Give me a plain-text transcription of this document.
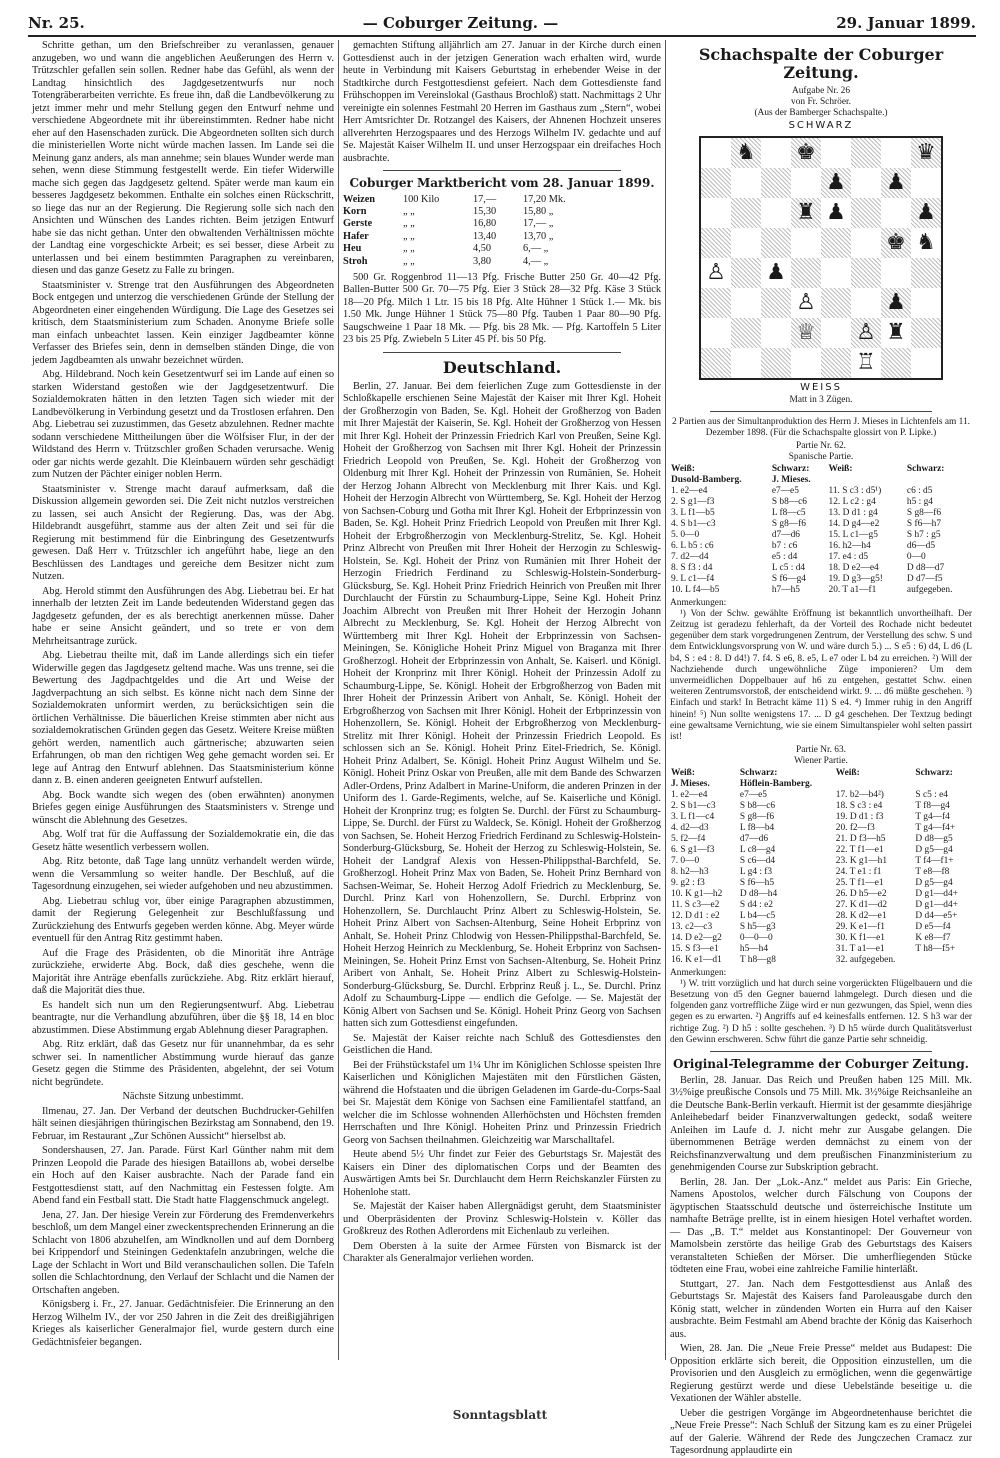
Nr. 25.	— Coburger Zeitung. —	29. Januar 1899.

Schritte gethan, um den Briefschreiber zu veranlassen, genauer anzugeben, wo und wann die angeblichen Aeußerungen des Herrn v. Trützschler gefallen sein sollen. Redner habe das Gefühl, als wenn der Landtag hinsichtlich des Jagdgesetzentwurfs nur noch Totengräberarbeiten verrichte. Es freue ihn, daß die Landbevölkerung zu jetzt immer mehr und mehr Stellung gegen den Entwurf nehme und verschiedene Abgeordnete mit ihr übereinstimmten. Redner habe nicht eher auf den Hasenschaden zurück. Die Abgeordneten sollten sich durch die ministeriellen Worte nicht würde machen lassen. Im Lande sei die Meinung ganz anders, als man annehme; sein blaues Wunder werde man sehen, wenn diese Stimmung festgestellt werde. Ein tiefer Widerwille mache sich gegen das Jagdgesetz geltend. Später werde man kaum ein besseres Jagdgesetz bekommen. Enthalte ein solches einen Rückschritt, so liege das nur an der Regierung. Die Regierung solle sich nach den Ansichten und Wünschen des Landes richten. Beim jetzigen Entwurf habe sie das nicht gethan. Unter den obwaltenden Verhältnissen möchte der Landtag eine vorgeschickte Arbeit; es sei besser, diese Arbeit zu unterlassen und bei einem bestimmten Paragraphen zu vereinbaren, diesen und das ganze Gesetz zu Falle zu bringen.

Staatsminister v. Strenge trat den Ausführungen des Abgeordneten Bock entgegen und unterzog die verschiedenen Gründe der Stellung der Abgeordneten einer eingehenden Würdigung. Die Lage des Gesetzes sei kritisch, dem Staatsministerium zum Schaden. Anonyme Briefe solle man einfach unbeachtet lassen. Kein einziger Jagdbeamter könne Verfasser des Briefes sein, denn in demselben ständen Dinge, die von jedem Jagdbeamten als unwahr bezeichnet würden.

Abg. Hildebrand. Noch kein Gesetzentwurf sei im Lande auf einen so starken Widerstand gestoßen wie der Jagdgesetzentwurf. Die Sozialdemokraten hätten in den letzten Tagen sich wieder mit der Landbevölkerung in Verbindung gesetzt und da Trostlosen erfahren. Den Abg. Liebetrau sei zuzustimmen, das Gesetz abzulehnen. Redner machte sodann verschiedene Mittheilungen über die Wölfsiser Flur, in der der Wildstand des Herrn v. Trützschler großen Schaden verursache. Wenig oder gar nichts werde gezahlt. Die Kleinbauern würden sehr geschädigt zum Nutzen der Pächter einiger noblen Herrn.

Staatsminister v. Strenge macht darauf aufmerksam, daß die Diskussion allgemein geworden sei. Die Zeit nicht nutzlos verstreichen zu lassen, sei auch Ansicht der Regierung. Das, was der Abg. Hildebrandt ausgeführt, stamme aus der alten Zeit und sei für die Regierung mit bestimmend für die Einbringung des Gesetzentwurfs gewesen. Daß Herr v. Trützschler ich angeführt habe, liege an den Beschlüssen des Landtages und gereiche dem Besitzer nicht zum Nutzen.

Abg. Herold stimmt den Ausführungen des Abg. Liebetrau bei. Er hat innerhalb der letzten Zeit im Lande bedeutenden Widerstand gegen das Jagdgesetz gefunden, der es als berechtigt anerkennen müsse. Daher habe er seine Ansicht geändert, und so trete er von dem Mehrheitsantrage zurück.

Abg. Liebetrau theilte mit, daß im Lande allerdings sich ein tiefer Widerwille gegen das Jagdgesetz geltend mache. Was uns trenne, sei die Bewertung des Jagdpachtgeldes und die Art und Weise der Jagdverpachtung an sich selbst. Es könne nicht nach dem Sinne der Sozialdemokraten unformirt werden, zu berücksichtigen sein die örtlichen Verhältnisse. Die bäuerlichen Kreise stimmten aber nicht aus sozialdemokratischen Gründen gegen das Gesetz. Weitere Kreise müßten gehört werden, namentlich auch gärtnerische; abzuwarten seien Erfahrungen, ob man den richtigen Weg gehe gemacht worden sei. Er lege auf Antrag den Entwurf ablehnen. Das Staatsministerium könne dann z. B. einen anderen geeigneten Entwurf aufstellen.

Abg. Bock wandte sich wegen des (oben erwähnten) anonymen Briefes gegen einige Ausführungen des Staatsministers v. Strenge und wünscht die Ablehnung des Gesetzes.

Abg. Wolf trat für die Auffassung der Sozialdemokratie ein, die das Gesetz hätte wesentlich verbessern wollen.

Abg. Ritz betonte, daß Tage lang unnütz verhandelt werden würde, wenn die Versammlung so weiter handle. Der Beschluß, auf die Tagesordnung einzugehen, sei wieder aufgehoben und neu abzustimmen.

Abg. Liebetrau schlug vor, über einige Paragraphen abzustimmen, damit der Regierung Gelegenheit zur Beschlußfassung und Zurückziehung des Entwurfs gegeben werden könne. Abg. Meyer würde eventuell für den Antrag Ritz gestimmt haben.

Auf die Frage des Präsidenten, ob die Minorität ihre Anträge zurückziehe, erwiderte Abg. Bock, daß dies geschehe, wenn die Majorität ihre Anträge ebenfalls zurückziehe. Abg. Ritz erklärt hierauf, daß die Majorität dies thue.

Es handelt sich nun um den Regierungsentwurf. Abg. Liebetrau beantragte, nur die Verhandlung abzuführen, über die §§ 18, 14 en bloc abzustimmen. Diese Abstimmung ergab Ablehnung dieser Paragraphen.

Abg. Ritz erklärt, daß das Gesetz nur für unannehmbar, da es sehr schwer sei. In namentlicher Abstimmung wurde hierauf das ganze Gesetz gegen die Stimme des Präsidenten, abgelehnt, der sei Votum nicht begründete.

Nächste Sitzung unbestimmt.

Ilmenau, 27. Jan. Der Verband der deutschen Buchdrucker-Gehilfen hält seinen diesjährigen thüringischen Bezirkstag am Sonnabend, den 19. Februar, im Restaurant „Zur Schönen Aussicht“ hierselbst ab.

Sondershausen, 27. Jan. Parade. Fürst Karl Günther nahm mit dem Prinzen Leopold die Parade des hiesigen Bataillons ab, wobei derselbe ein Hoch auf den Kaiser ausbrachte. Nach der Parade fand ein Festgottesdienst statt, auf den Nachmittag ein Festessen folgte. Am Abend fand ein Festball statt. Die Stadt hatte Flaggenschmuck angelegt.

Jena, 27. Jan. Der hiesige Verein zur Förderung des Fremdenverkehrs beschloß, um dem Mangel einer zweckentsprechenden Erinnerung an die Schlacht von 1806 abzuhelfen, am Windknollen und auf dem Dornberg bei Krippendorf und Steiningen Gedenktafeln anzubringen, welche die Lage der Schlacht in Wort und Bild veranschaulichen sollen. Die Tafeln sollen die Schlachtordnung, den Verlauf der Schlacht und die Namen der Ortschaften angeben.

Königsberg i. Fr., 27. Januar. Gedächtnisfeier. Die Erinnerung an den Herzog Wilhelm IV., der vor 250 Jahren in die Zeit des dreißigjährigen Krieges als kaiserlicher Generalmajor fiel, wurde gestern durch eine Gedächtnisfeier begangen.

gemachten Stiftung alljährlich am 27. Januar in der Kirche durch einen Gottesdienst auch in der jetzigen Generation wach erhalten wird, wurde heute in Verbindung mit Kaisers Geburtstag in erhebender Weise in der Stadtkirche durch Festgottesdienst gefeiert. Nach dem Gottesdienste fand Frühschoppen im Vereinslokal (Gasthaus Brochloß) statt. Nachmittags 2 Uhr vereinigte ein solennes Festmahl 20 Herren im Gasthaus zum „Stern“, wobei Herr Amtsrichter Dr. Rotzangel des Kaisers, der Ahnenen Hochzeit unseres allverehrten Herzogspaares und des Herzogs Wilhelm IV. gedachte und auf Se. Majestät Kaiser Wilhelm II. und unser Herzogspaar ein dreifaches Hoch ausbrachte.

Coburger Marktbericht vom 28. Januar 1899.
Weizen	100 Kilo	17,—	17,20 Mk.
Korn	„ „	15,30	15,80 „
Gerste	„ „	16,80	17,— „
Hafer	„ „	13,40	13,70 „
Heu	„ „	4,50	6,— „
Stroh	„ „	3,80	4,— „

500 Gr. Roggenbrod 11—13 Pfg. Frische Butter 250 Gr. 40—42 Pfg. Ballen-Butter 500 Gr. 70—75 Pfg. Eier 3 Stück 28—32 Pfg. Käse 3 Stück 18—20 Pfg. Milch 1 Ltr. 15 bis 18 Pfg. Alte Hühner 1 Stück 1.— Mk. bis 1.50 Mk. Junge Hühner 1 Stück 75—80 Pfg. Tauben 1 Paar 80—90 Pfg. Saugschweine 1 Paar 18 Mk. — Pfg. bis 28 Mk. — Pfg. Kartoffeln 5 Liter 23 bis 25 Pfg. Zwiebeln 5 Liter 45 Pf. bis 50 Pfg.

Deutschland.

Berlin, 27. Januar. Bei dem feierlichen Zuge zum Gottesdienste in der Schloßkapelle erschienen Seine Majestät der Kaiser mit Ihrer Kgl. Hoheit der Großherzogin von Baden, Se. Kgl. Hoheit der Großherzog von Baden mit Ihrer Majestät der Kaiserin, Se. Kgl. Hoheit der Großherzog von Hessen mit Ihrer Kgl. Hoheit der Prinzessin Friedrich Karl von Preußen, Seine Kgl. Hoheit der Großherzog von Sachsen mit Ihrer Kgl. Hoheit der Prinzessin Friedrich Leopold von Preußen, Se. Kgl. Hoheit der Großherzog von Oldenburg mit Ihrer Kgl. Hoheit der Prinzessin von Rumänien, Se. Hoheit der Herzog Johann Albrecht von Mecklenburg mit Ihrer Kais. und Kgl. Hoheit der Herzogin Albrecht von Württemberg, Se. Kgl. Hoheit der Herzog von Sachsen-Coburg und Gotha mit Ihrer Kgl. Hoheit der Erbprinzessin von Baden, Se. Kgl. Hoheit Prinz Friedrich Leopold von Preußen mit Ihrer Kgl. Hoheit der Erbgroßherzogin von Mecklenburg-Strelitz, Se. Kgl. Hoheit Prinz Albrecht von Preußen mit Ihrer Hoheit der Herzogin zu Schleswig-Holstein, Se. Kgl. Hoheit der Prinz von Rumänien mit Ihrer Hoheit der Herzogin Friedrich Ferdinand zu Schleswig-Holstein-Sonderburg-Glücksburg, Se. Kgl. Hoheit Prinz Friedrich Heinrich von Preußen mit Ihrer Durchlaucht der Fürstin zu Schaumburg-Lippe, Seine Kgl. Hoheit Prinz Joachim Albrecht von Preußen mit Ihrer Hoheit der Herzogin Johann Albrecht zu Mecklenburg, Se. Kgl. Hoheit der Herzog Albrecht von Württemberg mit Ihrer Kgl. Hoheit der Erbprinzessin von Sachsen-Meiningen, Se. Königliche Hoheit Prinz Miguel von Braganza mit Ihrer Großherzogl. Hoheit der Erbprinzessin von Anhalt, Se. Kaiserl. und Königl. Hoheit der Kronprinz mit Ihrer Königl. Hoheit der Prinzessin Adolf zu Schaumburg-Lippe, Se. Königl. Hoheit der Erbgroßherzog von Baden mit Ihrer Hoheit der Prinzessin Aribert von Anhalt, Se. Königl. Hoheit der Erbgroßherzog von Sachsen mit Ihrer Königl. Hoheit der Erbprinzessin von Hohenzollern, Se. Königl. Hoheit der Erbgroßherzog von Mecklenburg-Strelitz mit Ihrer Königl. Hoheit der Prinzessin Friedrich Leopold. Es schlossen sich an Se. Königl. Hoheit Prinz Eitel-Friedrich, Se. Königl. Hoheit Prinz Adalbert, Se. Königl. Hoheit Prinz August Wilhelm und Se. Königl. Hoheit Prinz Oskar von Preußen, alle mit dem Bande des Schwarzen Adler-Ordens, Prinz Adalbert in Marine-Uniform, die anderen Prinzen in der Uniform des 1. Garde-Regiments, welche, auf Se. Kaiserliche und Königl. Hoheit der Kronprinz trug; es folgten Se. Durchl. der Fürst zu Schaumburg-Lippe, Se. Durchl. der Fürst zu Waldeck, Se. Königl. Hoheit der Großherzog von Sachsen, Se. Hoheit Herzog Friedrich Ferdinand zu Schleswig-Holstein-Sonderburg-Glücksburg, Se. Hoheit der Herzog zu Schleswig-Holstein, Se. Hoheit der Landgraf Alexis von Hessen-Philippsthal-Barchfeld, Se. Großherzogl. Hoheit Prinz Max von Baden, Se. Hoheit Prinz Bernhard von Sachsen-Weimar, Se. Hoheit Herzog Adolf Friedrich zu Mecklenburg, Se. Durchl. Prinz Karl von Hohenzollern, Se. Durchl. Erbprinz von Hohenzollern, Se. Durchlaucht Prinz Albert zu Schleswig-Holstein, Se. Hoheit Prinz Albert von Sachsen-Altenburg, Seine Hoheit Erbprinz von Anhalt, Se. Hoheit Prinz Chlodwig von Hessen-Philippsthal-Barchfeld, Se. Hoheit Herzog Heinrich zu Mecklenburg, Se. Hoheit Erbprinz von Sachsen-Meiningen, Se. Hoheit Prinz Ernst von Sachsen-Altenburg, Se. Hoheit Prinz Aribert von Anhalt, Se. Hoheit Prinz Albert zu Schleswig-Holstein-Sonderburg-Glücksburg, Se. Durchl. Erbprinz Reuß j. L., Se. Durchl. Prinz Adolf zu Schaumburg-Lippe — endlich die Gefolge. — Se. Majestät der König Albert von Sachsen und Se. Königl. Hoheit Prinz Georg von Sachsen hatten sich zum Gottesdienst eingefunden.

Se. Majestät der Kaiser reichte nach Schluß des Gottesdienstes den Geistlichen die Hand.

Bei der Frühstückstafel um 1¼ Uhr im Königlichen Schlosse speisten Ihre Kaiserlichen und Königlichen Majestäten mit den Fürstlichen Gästen, während die Hofstaaten und die übrigen Geladenen im Garde-du-Corps-Saal bei Sr. Majestät dem Könige von Sachsen eine Familientafel stattfand, an welcher die im Schlosse wohnenden Allerhöchsten und Höchsten fremden Herrschaften und Ihre Königl. Hoheiten Prinz und Prinzessin Friedrich Georg von Sachsen theilnahmen. Gleichzeitig war Marschalltafel.

Heute abend 5½ Uhr findet zur Feier des Geburtstags Sr. Majestät des Kaisers ein Diner des diplomatischen Corps und der Beamten des Auswärtigen Amts bei Sr. Durchlaucht dem Herrn Reichskanzler Fürsten zu Hohenlohe statt.

Se. Majestät der Kaiser haben Allergnädigst geruht, dem Staatsminister und Oberpräsidenten der Provinz Schleswig-Holstein v. Köller das Großkreuz des Rothen Adlerordens mit Eichenlaub zu verleihen.

Dem Obersten à la suite der Armee Fürsten von Bismarck ist der Charakter als Generalmajor verliehen worden.

Schachspalte der Coburger Zeitung.
Aufgabe Nr. 26
von Fr. Schröer.
(Aus der Bamberger Schachspalte.)
SCHWARZ
♞ ♚	♛
♟ ♟
♜ ♟	♟
♚ ♞
♙ ♟
♙	♟
♕ ♙ ♜
♖
WEISS
Matt in 3 Zügen.

2 Partien aus der Simultanproduktion des Herrn J. Mieses in Lichtenfels am 11. Dezember 1898. (Für die Schachspalte glossirt von P. Lipke.)

Partie Nr. 62.
Spanische Partie.
Weiß:	Schwarz:	Weiß:	Schwarz:
Dusold-Bamberg.	J. Mieses.		
1. e2—e4	e7—e5	11. S c3 : d5¹)	c6 : d5
2. S g1—f3	S b8—c6	12. L c2 : g4	h5 : g4
3. L f1—b5	L f8—c5	13. D d1 : g4	S g8—f6
4. S b1—c3	S g8—f6	14. D g4—e2	S f6—h7
5. 0—0	d7—d6	15. L c1—g5	S h7 : g5
6. L b5 : c6	b7 : c6	16. h2—h4	d6—d5
7. d2—d4	e5 : d4	17. e4 : d5	0—0
8. S f3 : d4	L c5 : d4	18. D e2—e4	D d8—d7
9. L c1—f4	S f6—g4	19. D g3—g5!	D d7—f5
10. L f4—b5	h7—h5	20. T a1—f1	aufgegeben.
Anmerkungen:

¹) Von der Schw. gewählte Eröffnung ist bekanntlich unvortheilhaft. Der Zeitzug ist geradezu fehlerhaft, da der Vorteil des Rochade nicht bedeutet gegenüber dem stark vorgedrungenen Zentrum, der Verstellung des schw. S und dem Entwicklungsvorsprung von W. und wäre durch 5.) ... S e5 : 6) d4, L d6 (L b4, S : e4 : 8. D d4!) 7. f4. S e6, 8. e5, L e7 oder L b4 zu erreichen. ²) Will der Nachziehende durch ungewöhnliche Züge imponieren? Um dem unvermeidlichen Doppelbauer auf h6 zu entgehen, gestattet Schw. einen weiteren Zentrumsvorstoß, der entscheidend wirkt. 9. ... d6 müßte geschehen. ³) Einfach und stark! In Betracht käme 11) S e4. ⁴) Immer ruhig in den Angriff hinein! ⁵) Nun sollte wenigstens 17. ... D g4 geschehen. Der Textzug bedingt eine gewaltsame Vernichtung, wie sie einem Simultanspieler wohl selten passirt ist!

Partie Nr. 63.
Wiener Partie.
Weiß:	Schwarz:	Weiß:	Schwarz:
J. Mieses.	Höflein-Bamberg.		
1. e2—e4	e7—e5	17. b2—b4²)	S c5 : e4
2. S b1—c3	S b8—c6	18. S c3 : e4	T f8—g4
3. L f1—c4	S g8—f6	19. D d1 : f3	T g4—f4
4. d2—d3	L f8—b4	20. f2—f3	T g4—f4+
5. f2—f4	d7—d6	21. D f3—h5	D d8—g5
6. S g1—f3	L c8—g4	22. T f1—e1	D g5—g4
7. 0—0	S c6—d4	23. K g1—h1	T f4—f1+
8. h2—h3	L g4 : f3	24. T e1 : f1	T e8—f8
9. g2 : f3	S f6—h5	25. T f1—e1	D g5—g4
10. K g1—h2	D d8—h4	26. D h5—e2	D g1—d4+
11. S c3—e2	S d4 : e2	27. K d1—d2	D g1—d4+
12. D d1 : e2	L b4—c5	28. K d2—e1	D d4—e5+
13. c2—c3	S h5—g3	29. K e1—f1	D e5—f4
14. D e2—g2	0—0—0	30. K f1—e1	K e8—f7
15. S f3—e1	h5—h4	31. T a1—e1	T h8—f5+
16. K e1—d1	T h8—g8	32. aufgegeben.	
Anmerkungen:

¹) W. tritt vorzüglich und hat durch seine vorgerückten Flügelbauern und die Besetzung von d5 den Gegner bauernd lahmgelegt. Durch diesen und die folgenden ganz vortreffliche Züge wird er nun gezwungen, das Spiel, wenn dies gegen es zu erwarten. ²) Angriffs auf e4 keinesfalls entfernen. 12. S h3 war der richtige Zug. ²) D h5 : sollte geschehen. ³) D h5 würde durch Qualitätsverlust den Gewinn erschweren. Schw führt die ganze Partie sehr schneidig.

Original-Telegramme der Coburger Zeitung.

Berlin, 28. Januar. Das Reich und Preußen haben 125 Mill. Mk. 3½%ige preußische Consols und 75 Mill. Mk. 3½%ige Reichsanleihe an die Deutsche Bank-Berlin verkauft. Hiermit ist der gesammte diesjährige Anleihebedarf beider Finanzverwaltungen gedeckt, sodaß weitere Anleihen im Laufe d. J. nicht mehr zur Ausgabe gelangen. Die übernommenen Beträge werden demnächst zu einem von der Reichsfinanzverwaltung und dem preußischen Finanzministerium zu genehmigenden Course zur Subskription gebracht.

Berlin, 28. Jan. Der „Lok.-Anz.“ meldet aus Paris: Ein Grieche, Namens Apostolos, welcher durch Fälschung von Coupons der ägyptischen Staatsschuld deutsche und österreichische Institute um namhafte Beträge prellte, ist in einem hiesigen Hotel verhaftet worden. — Das „B. T.“ meldet aus Konstantinopel: Der Gouverneur von Mamolsbein zerstörte das heilige Grab des Geburtstags des Kaisers veranstalteten Schießen der Mörser. Die umherfliegenden Stücke tödteten eine Frau, wobei eine zahlreiche Familie hinterläßt.

Stuttgart, 27. Jan. Nach dem Festgottesdienst aus Anlaß des Geburtstags Sr. Majestät des Kaisers fand Paroleausgabe durch den König statt, welcher in zündenden Worten ein Hurra auf den Kaiser ausbrachte. Beim Festmahl am Abend brachte der König das Kaiserhoch aus.

Wien, 28. Jan. Die „Neue Freie Presse“ meldet aus Budapest: Die Opposition erklärte sich bereit, die Opposition einzustellen, um die Provisorien und den Ausgleich zu ermöglichen, wenn die gegenwärtige Regierung gestürzt werde und diese Uebelstände beseitige u. die Vexationen der Wähler abstelle.

Ueber die gestrigen Vorgänge im Abgeordnetenhause berichtet die „Neue Freie Presse“: Nach Schluß der Sitzung kam es zu einer Prügelei auf der Galerie. Während der Rede des Jungczechen Cramacz zur Tagesordnung applaudirte ein

Sonntagsblatt
